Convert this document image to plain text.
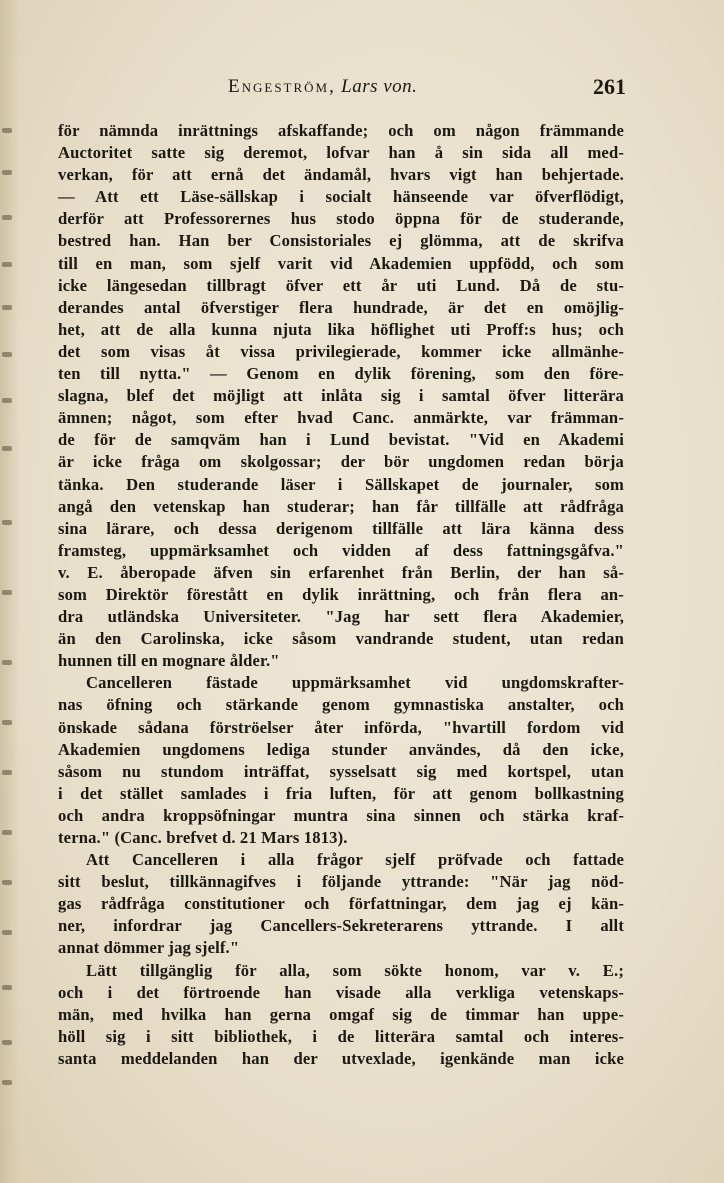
Engeström, Lars von.	261
för nämnda inrättnings afskaffande; och om någon främmande
Auctoritet satte sig deremot, lofvar han å sin sida all med-
verkan, för att ernå det ändamål, hvars vigt han behjertade.
— Att ett Läse-sällskap i socialt hänseende var öfverflödigt,
derför att Professorernes hus stodo öppna för de studerande,
bestred han. Han ber Consistoriales ej glömma, att de skrifva
till en man, som sjelf varit vid Akademien uppfödd, och som
icke längesedan tillbragt öfver ett år uti Lund. Då de stu-
derandes antal öfverstiger flera hundrade, är det en omöjlig-
het, att de alla kunna njuta lika höflighet uti Proff:s hus; och
det som visas åt vissa privilegierade, kommer icke allmänhe-
ten till nytta." — Genom en dylik förening, som den före-
slagna, blef det möjligt att inlåta sig i samtal öfver litterära
ämnen; något, som efter hvad Canc. anmärkte, var främman-
de för de samqväm han i Lund bevistat. "Vid en Akademi
är icke fråga om skolgossar; der bör ungdomen redan börja
tänka. Den studerande läser i Sällskapet de journaler, som
angå den vetenskap han studerar; han får tillfälle att rådfråga
sina lärare, och dessa derigenom tillfälle att lära känna dess
framsteg, uppmärksamhet och vidden af dess fattningsgåfva."
v. E. åberopade äfven sin erfarenhet från Berlin, der han så-
som Direktör förestått en dylik inrättning, och från flera an-
dra utländska Universiteter. "Jag har sett flera Akademier,
än den Carolinska, icke såsom vandrande student, utan redan
hunnen till en mognare ålder."
Cancelleren fästade uppmärksamhet vid ungdomskrafter-
nas öfning och stärkande genom gymnastiska anstalter, och
önskade sådana förströelser åter införda, "hvartill fordom vid
Akademien ungdomens lediga stunder användes, då den icke,
såsom nu stundom inträffat, sysselsatt sig med kortspel, utan
i det stället samlades i fria luften, för att genom bollkastning
och andra kroppsöfningar muntra sina sinnen och stärka kraf-
terna." (Canc. brefvet d. 21 Mars 1813).
Att Cancelleren i alla frågor sjelf pröfvade och fattade
sitt beslut, tillkännagifves i följande yttrande: "När jag nöd-
gas rådfråga constitutioner och författningar, dem jag ej kän-
ner, infordrar jag Cancellers-Sekreterarens yttrande. I allt
annat dömmer jag sjelf."
Lätt tillgänglig för alla, som sökte honom, var v. E.;
och i det förtroende han visade alla verkliga vetenskaps-
män, med hvilka han gerna omgaf sig de timmar han uppe-
höll sig i sitt bibliothek, i de litterära samtal och interes-
santa meddelanden han der utvexlade, igenkände man icke
